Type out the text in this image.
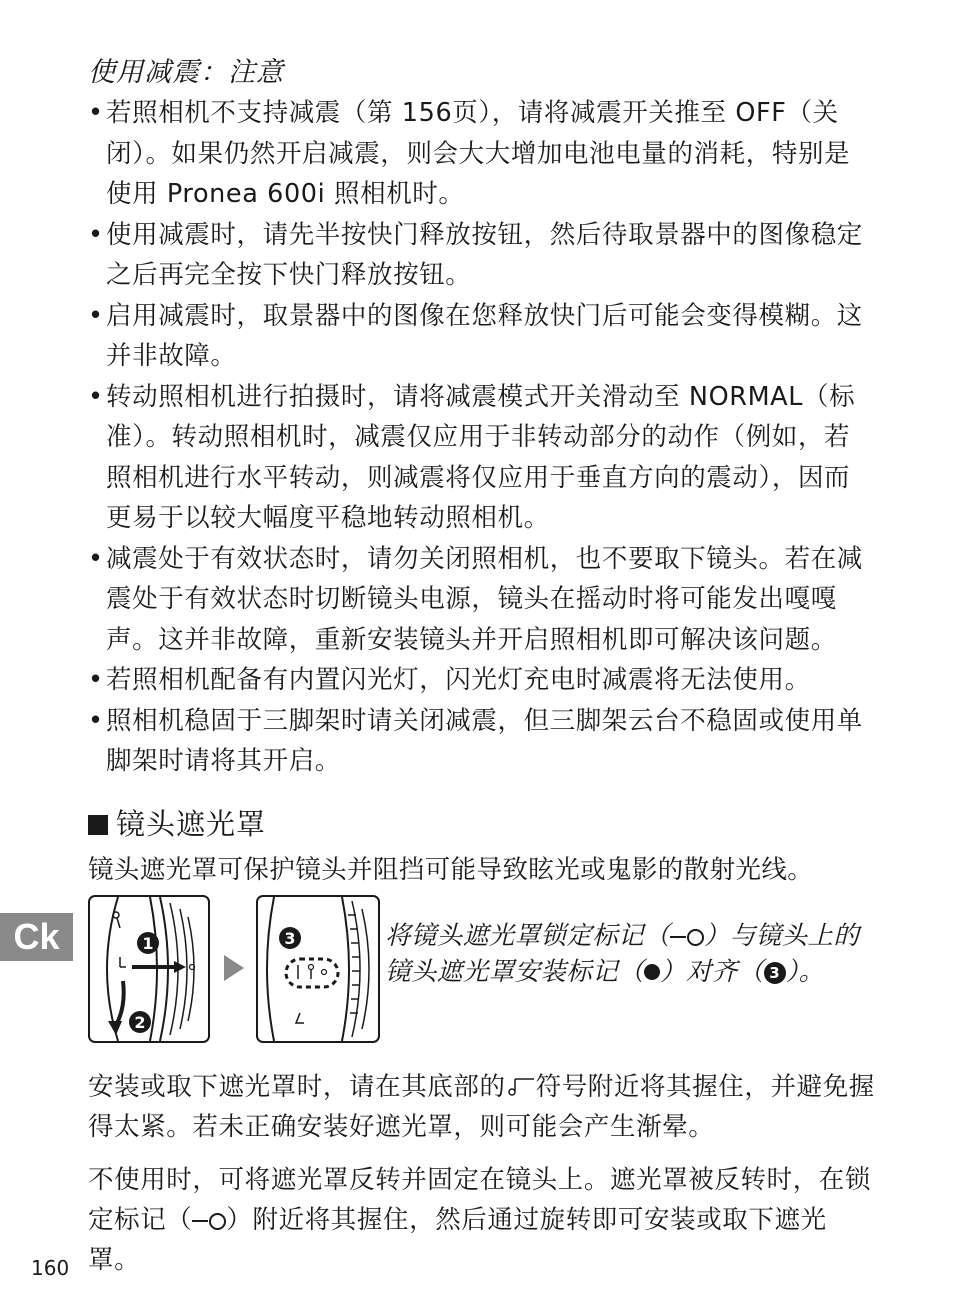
使用减震：注意
• 若照相机不支持减震（第 156页），请将减震开关推至 OFF（关闭）。如果仍然开启减震，则会大大增加电池电量的消耗，特别是使用 Pronea 600i 照相机时。
• 使用减震时，请先半按快门释放按钮，然后待取景器中的图像稳定之后再完全按下快门释放按钮。
• 启用减震时，取景器中的图像在您释放快门后可能会变得模糊。这并非故障。
• 转动照相机进行拍摄时，请将减震模式开关滑动至 NORMAL（标准）。转动照相机时，减震仅应用于非转动部分的动作（例如，若照相机进行水平转动，则减震将仅应用于垂直方向的震动），因而更易于以较大幅度平稳地转动照相机。
• 减震处于有效状态时，请勿关闭照相机，也不要取下镜头。若在减震处于有效状态时切断镜头电源，镜头在摇动时将可能发出嘎嘎声。这并非故障，重新安装镜头并开启照相机即可解决该问题。
• 若照相机配备有内置闪光灯，闪光灯充电时减震将无法使用。
• 照相机稳固于三脚架时请关闭减震，但三脚架云台不稳固或使用单脚架时请将其开启。
镜头遮光罩
镜头遮光罩可保护镜头并阻挡可能导致眩光或鬼影的散射光线。
Ck	1
2
3	将镜头遮光罩锁定标记（ ）与镜头上的镜头遮光罩安装标记（ ）对齐（ 3 ）。
安装或取下遮光罩时，请在其底部的 符号附近将其握住，并避免握得太紧。若未正确安装好遮光罩，则可能会产生渐晕。
不使用时，可将遮光罩反转并固定在镜头上。遮光罩被反转时，在锁定标记（ ）附近将其握住，然后通过旋转即可安装或取下遮光罩。
160
